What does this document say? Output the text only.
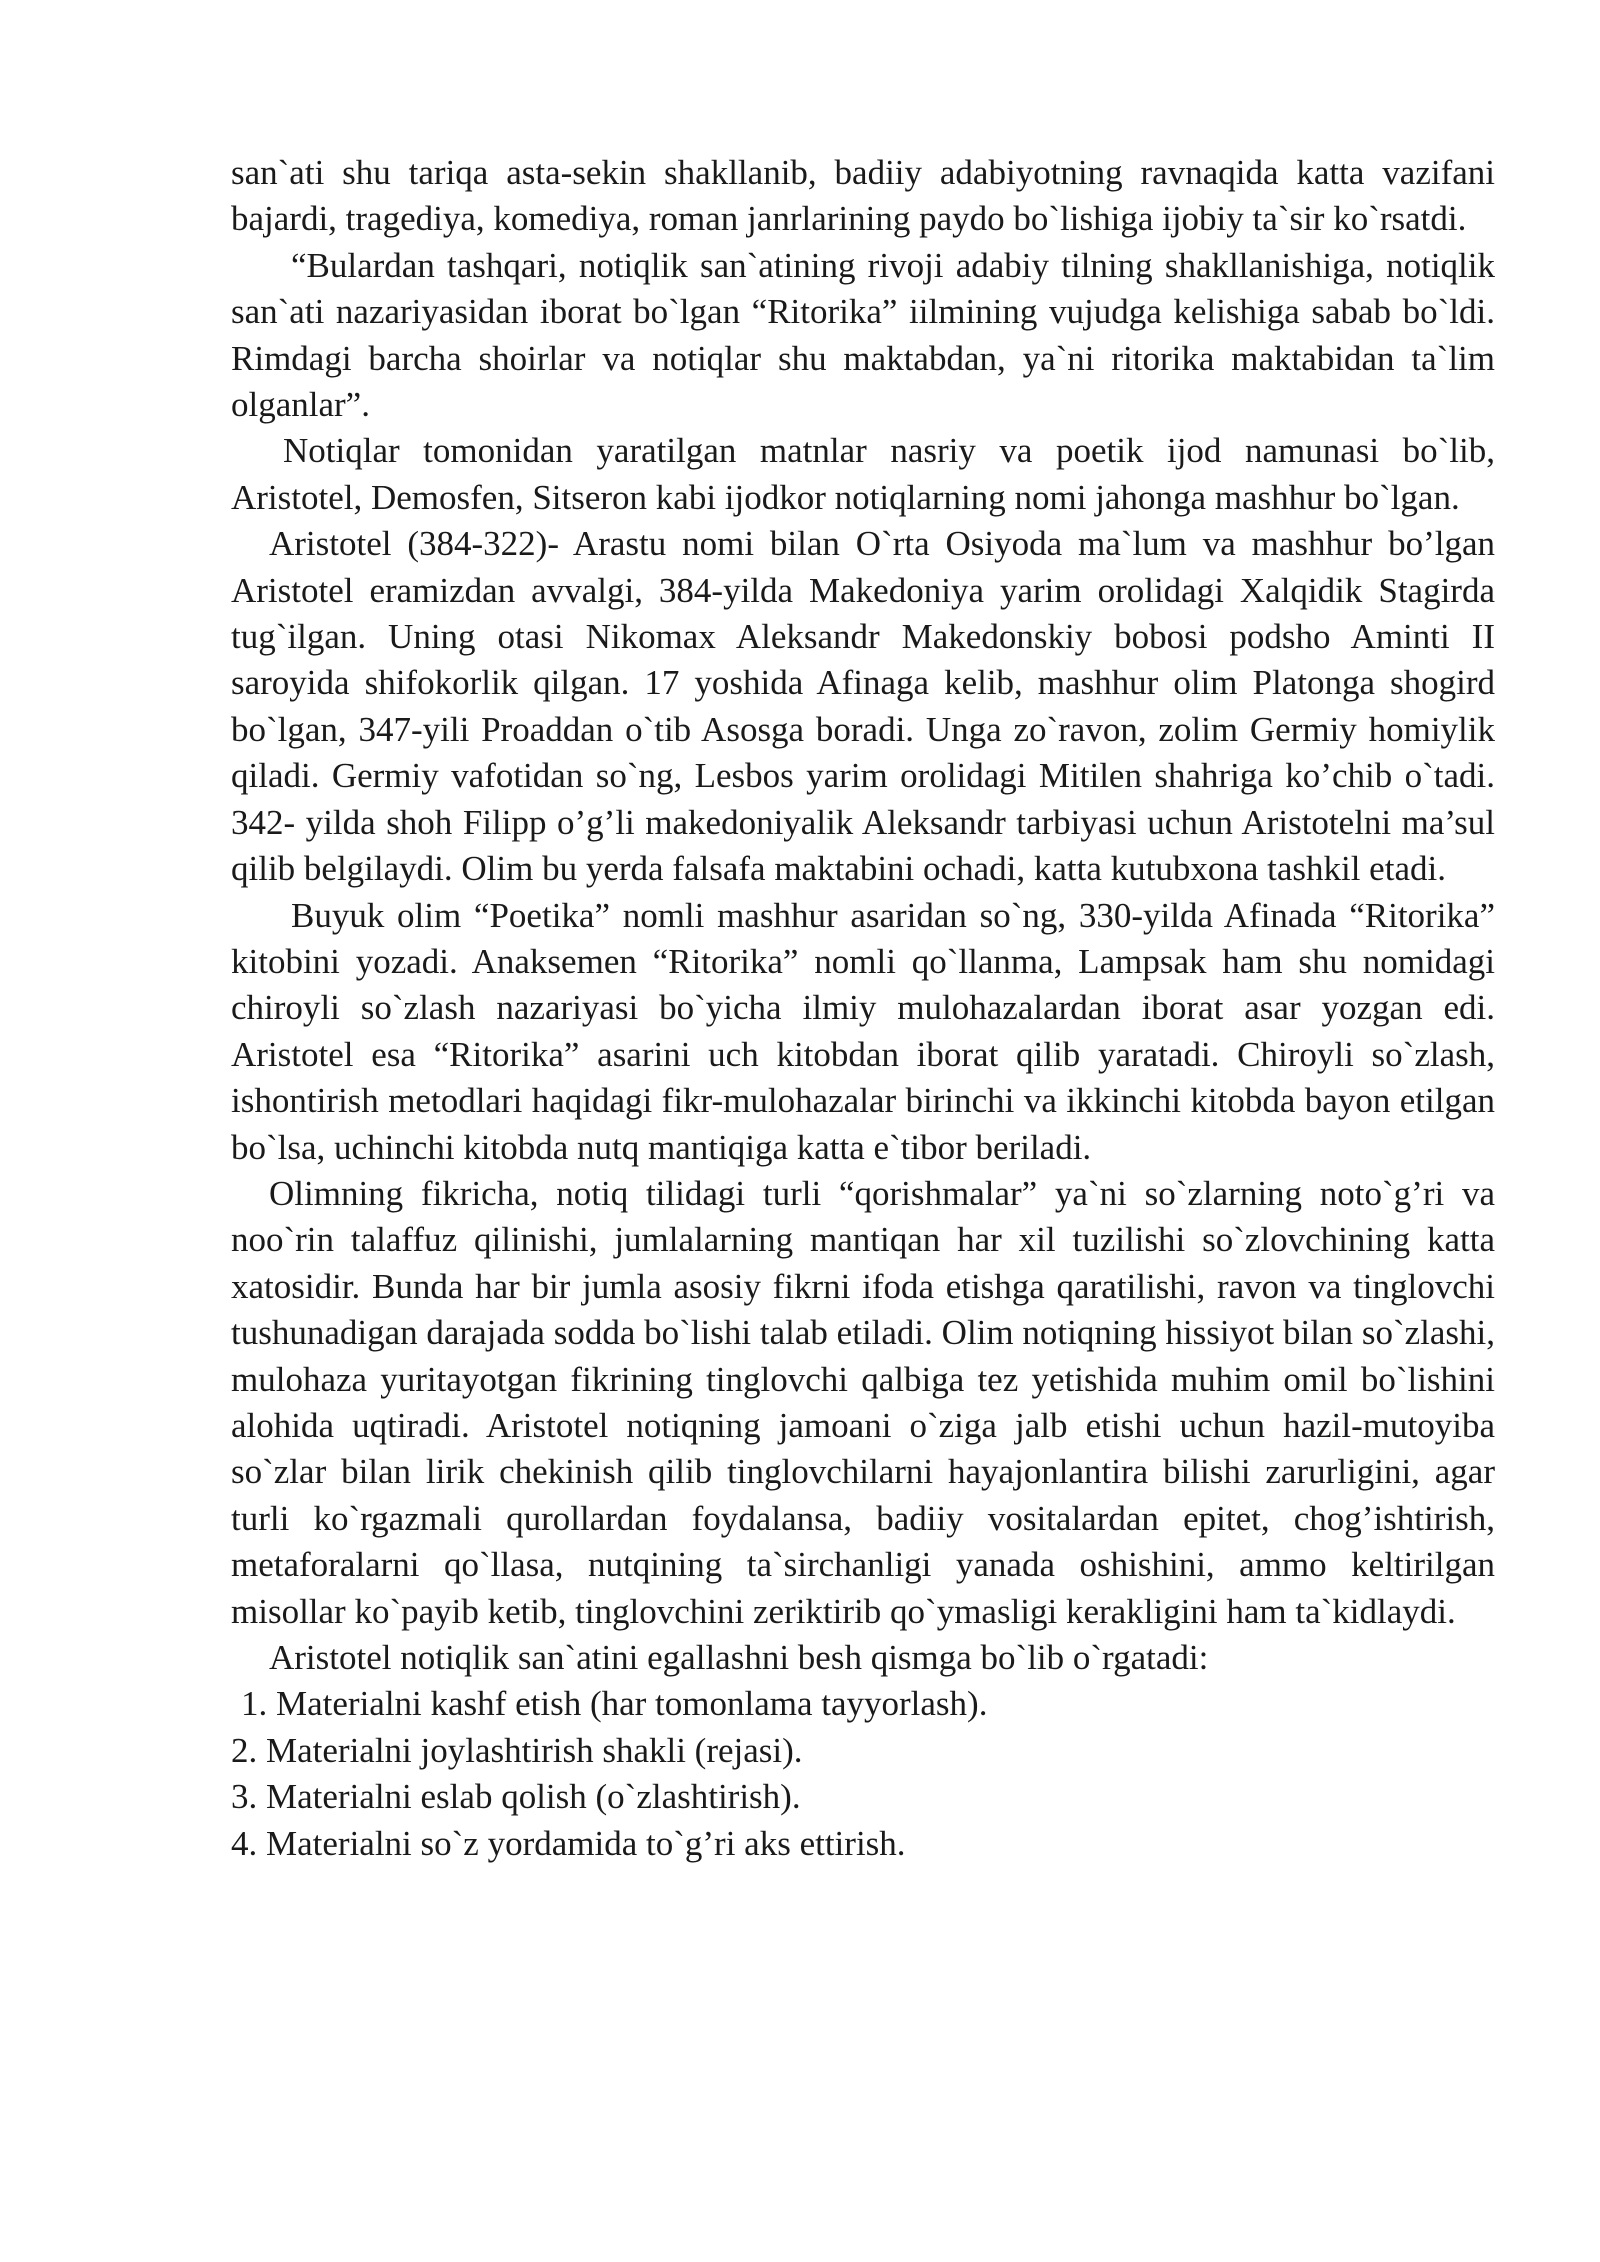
san`ati shu tariqa asta-sekin shakllanib, badiiy adabiyotning ravnaqida katta vazifani bajardi, tragediya, komediya, roman janrlarining paydo bo`lishiga ijobiy ta`sir ko`rsatdi.

“Bulardan tashqari, notiqlik san`atining rivoji adabiy tilning shakllanishiga, notiqlik san`ati nazariyasidan iborat bo`lgan “Ritorika” iilmining vujudga kelishiga sabab bo`ldi. Rimdagi barcha shoirlar va notiqlar shu maktabdan, ya`ni ritorika maktabidan ta`lim olganlar”.

Notiqlar tomonidan yaratilgan matnlar nasriy va poetik ijod namunasi bo`lib, Aristotel, Demosfen, Sitseron kabi ijodkor notiqlarning nomi jahonga mashhur bo`lgan.

Aristotel (384-322)- Arastu nomi bilan O`rta Osiyoda ma`lum va mashhur bo’lgan Aristotel eramizdan avvalgi, 384-yilda Makedoniya yarim orolidagi Xalqidik Stagirda tug`ilgan. Uning otasi Nikomax Aleksandr Makedonskiy bobosi podsho Aminti II saroyida shifokorlik qilgan. 17 yoshida Afinaga kelib, mashhur olim Platonga shogird bo`lgan, 347-yili Proaddan o`tib Asosga boradi. Unga zo`ravon, zolim Germiy homiylik qiladi. Germiy vafotidan so`ng, Lesbos yarim orolidagi Mitilen shahriga ko’chib o`tadi. 342- yilda shoh Filipp o’g’li makedoniyalik Aleksandr tarbiyasi uchun Aristotelni ma’sul qilib belgilaydi. Olim bu yerda falsafa maktabini ochadi, katta kutubxona tashkil etadi.

Buyuk olim “Poetika” nomli mashhur asaridan so`ng, 330-yilda Afinada “Ritorika” kitobini yozadi. Anaksemen “Ritorika” nomli qo`llanma, Lampsak ham shu nomidagi chiroyli so`zlash nazariyasi bo`yicha ilmiy mulohazalardan iborat asar yozgan edi. Aristotel esa “Ritorika” asarini uch kitobdan iborat qilib yaratadi. Chiroyli so`zlash, ishontirish metodlari haqidagi fikr-mulohazalar birinchi va ikkinchi kitobda bayon etilgan bo`lsa, uchinchi kitobda nutq mantiqiga katta e`tibor beriladi.

Olimning fikricha, notiq tilidagi turli “qorishmalar” ya`ni so`zlarning noto`g’ri va noo`rin talaffuz qilinishi, jumlalarning mantiqan har xil tuzilishi so`zlovchining katta xatosidir. Bunda har bir jumla asosiy fikrni ifoda etishga qaratilishi, ravon va tinglovchi tushunadigan darajada sodda bo`lishi talab etiladi. Olim notiqning hissiyot bilan so`zlashi, mulohaza yuritayotgan fikrining tinglovchi qalbiga tez yetishida muhim omil bo`lishini alohida uqtiradi. Aristotel notiqning jamoani o`ziga jalb etishi uchun hazil-mutoyiba so`zlar bilan lirik chekinish qilib tinglovchilarni hayajonlantira bilishi zarurligini, agar turli ko`rgazmali qurollardan foydalansa, badiiy vositalardan epitet, chog’ishtirish, metaforalarni qo`llasa, nutqining ta`sirchanligi yanada oshishini, ammo keltirilgan misollar ko`payib ketib, tinglovchini zeriktirib qo`ymasligi kerakligini ham ta`kidlaydi.

Aristotel notiqlik san`atini egallashni besh qismga bo`lib o`rgatadi:

1. Materialni kashf etish (har tomonlama tayyorlash).
2. Materialni joylashtirish shakli (rejasi).
3. Materialni eslab qolish (o`zlashtirish).
4. Materialni so`z yordamida to`g’ri aks ettirish.
